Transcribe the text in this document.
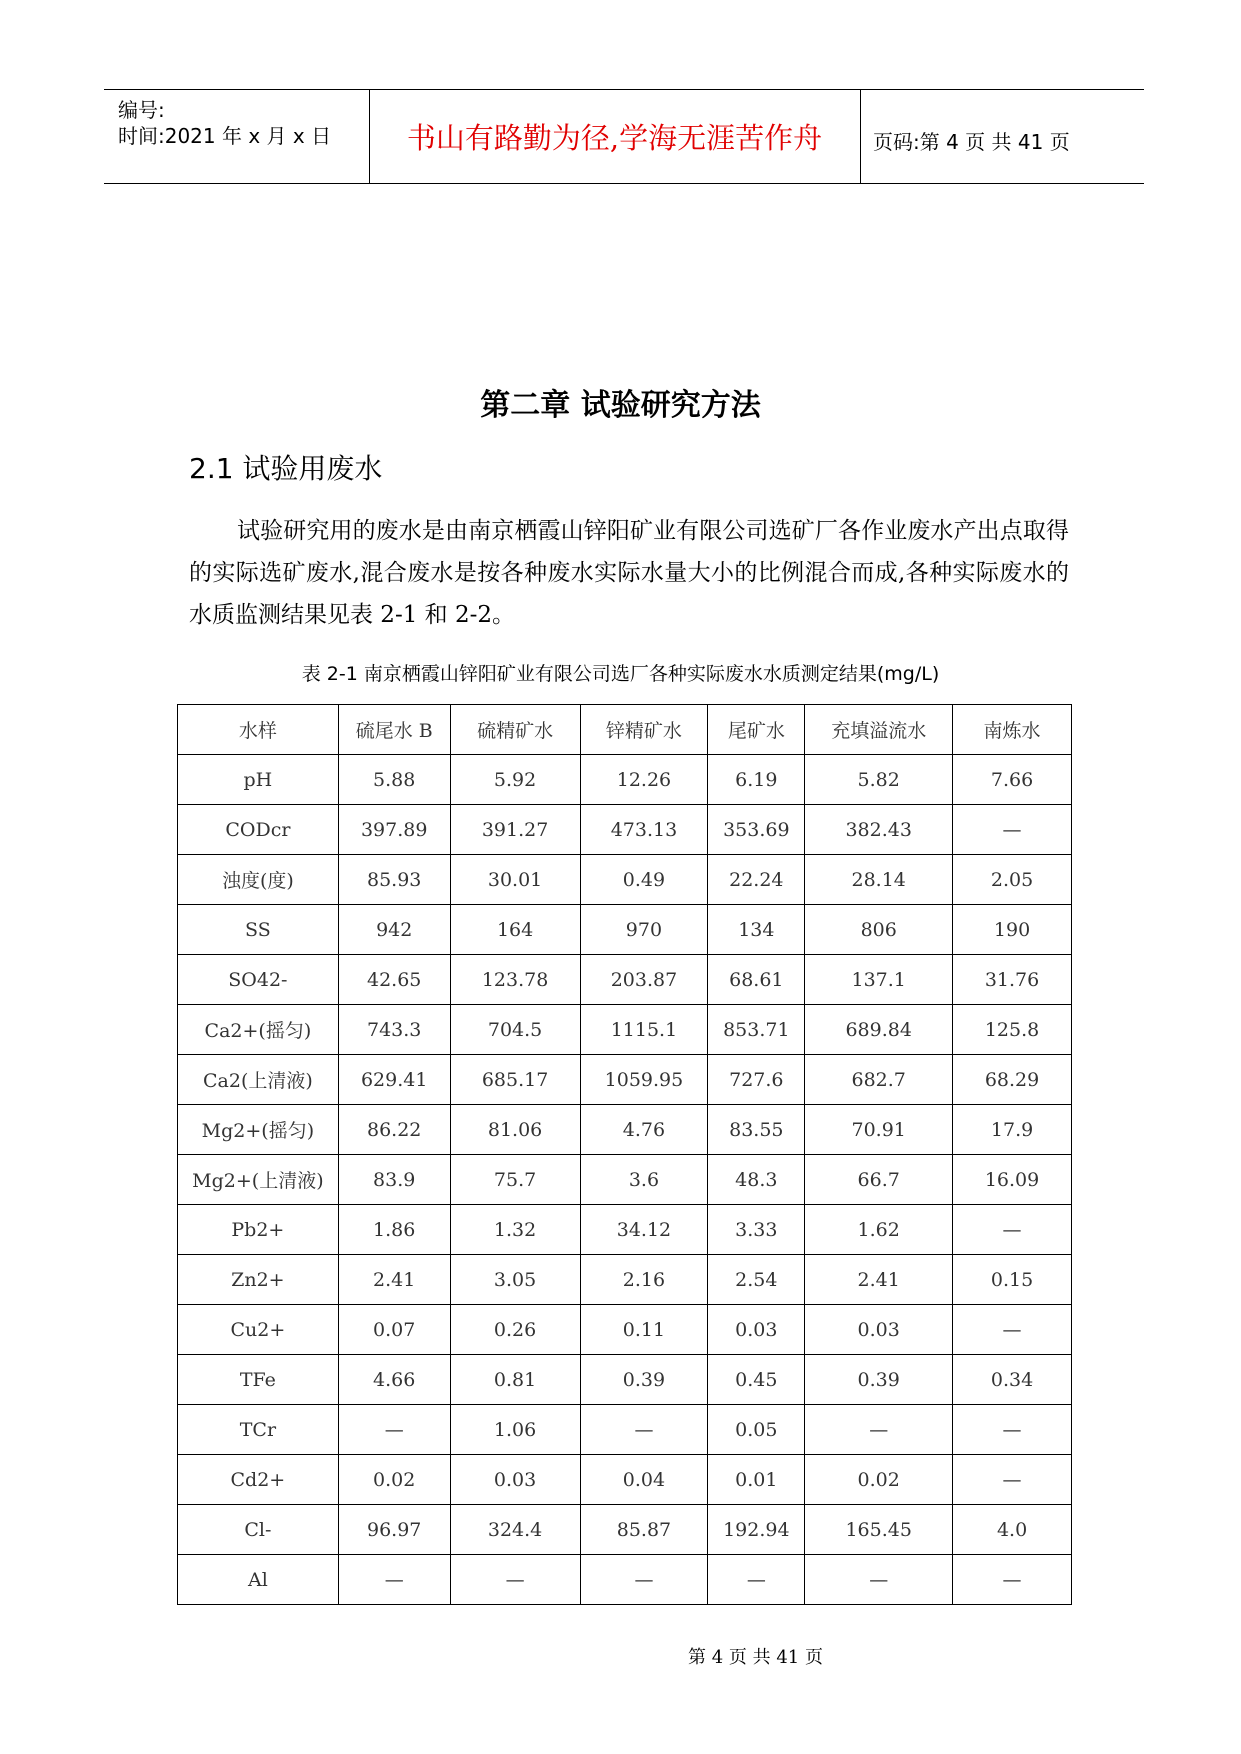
编号:
时间:2021 年 x 月 x 日	书山有路勤为径,学海无涯苦作舟	页码:第 4 页 共 41 页
第二章 试验研究方法
2.1 试验用废水
试验研究用的废水是由南京栖霞山锌阳矿业有限公司选矿厂各作业废水产出点取得的实际选矿废水,混合废水是按各种废水实际水量大小的比例混合而成,各种实际废水的水质监测结果见表 2-1 和 2-2。
表 2-1 南京栖霞山锌阳矿业有限公司选厂各种实际废水水质测定结果(mg/L)
水样	硫尾水 B	硫精矿水	锌精矿水	尾矿水	充填溢流水	南炼水
pH	5.88	5.92	12.26	6.19	5.82	7.66
CODcr	397.89	391.27	473.13	353.69	382.43	—
浊度(度)	85.93	30.01	0.49	22.24	28.14	2.05
SS	942	164	970	134	806	190
SO42-	42.65	123.78	203.87	68.61	137.1	31.76
Ca2+(摇匀)	743.3	704.5	1115.1	853.71	689.84	125.8
Ca2(上清液)	629.41	685.17	1059.95	727.6	682.7	68.29
Mg2+(摇匀)	86.22	81.06	4.76	83.55	70.91	17.9
Mg2+(上清液)	83.9	75.7	3.6	48.3	66.7	16.09
Pb2+	1.86	1.32	34.12	3.33	1.62	—
Zn2+	2.41	3.05	2.16	2.54	2.41	0.15
Cu2+	0.07	0.26	0.11	0.03	0.03	—
TFe	4.66	0.81	0.39	0.45	0.39	0.34
TCr	—	1.06	—	0.05	—	—
Cd2+	0.02	0.03	0.04	0.01	0.02	—
Cl-	96.97	324.4	85.87	192.94	165.45	4.0
Al	—	—	—	—	—	—
第 4 页 共 41 页
